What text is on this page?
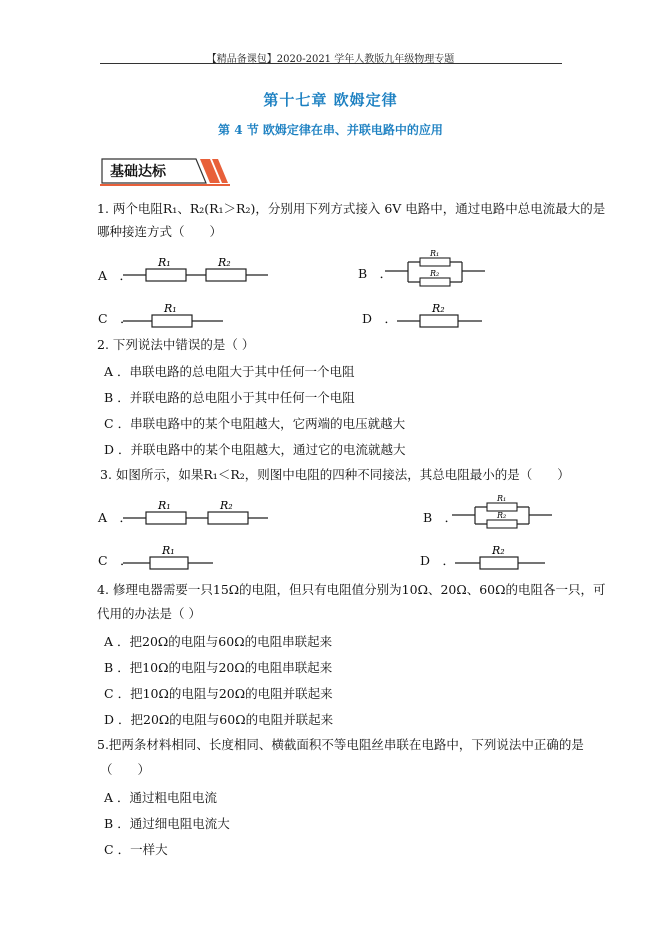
【精品备课包】2020-2021 学年人教版九年级物理专题
第十七章 欧姆定律
第 4 节 欧姆定律在串、并联电路中的应用
基础达标
1. 两个电阻R₁、R₂(R₁＞R₂)，分别用下列方式接入 6V 电路中，通过电路中总电流最大的是
哪种接连方式（　　）
A　．
R₁	R₂
B　．
R₁
R₂
C　．
R₁
D　．
R₂
2. 下列说法中错误的是（ ）
A ．串联电路的总电阻大于其中任何一个电阻
B ．并联电路的总电阻小于其中任何一个电阻
C ．串联电路中的某个电阻越大，它两端的电压就越大
D ．并联电路中的某个电阻越大，通过它的电流就越大
3. 如图所示，如果R₁＜R₂，则图中电阻的四种不同接法，其总电阻最小的是（　　）
A　．
R₁	R₂
B　．
R₁
R₂
C　．
R₁
D　．
R₂
4. 修理电器需要一只15Ω的电阻，但只有电阻值分别为10Ω、20Ω、60Ω的电阻各一只，可
代用的办法是（ ）
A ．把20Ω的电阻与60Ω的电阻串联起来
B ．把10Ω的电阻与20Ω的电阻串联起来
C ．把10Ω的电阻与20Ω的电阻并联起来
D ．把20Ω的电阻与60Ω的电阻并联起来
5.把两条材料相同、长度相同、横截面积不等电阻丝串联在电路中，下列说法中正确的是
（　　）
A ．通过粗电阻电流
B ．通过细电阻电流大
C ．一样大
